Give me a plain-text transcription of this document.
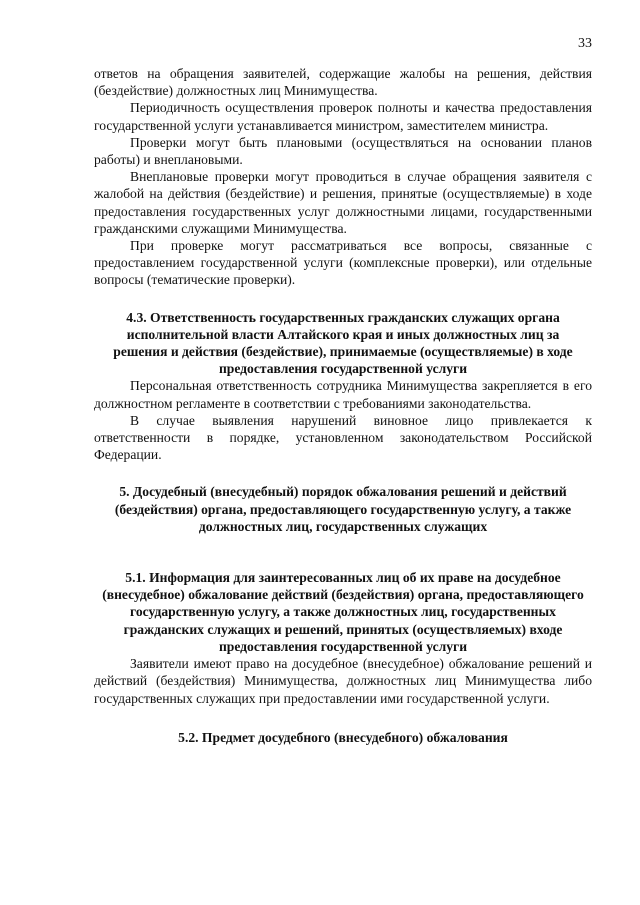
33

ответов на обращения заявителей, содержащие жалобы на решения, действия (бездействие) должностных лиц Минимущества.

Периодичность осуществления проверок полноты и качества предоставления государственной услуги устанавливается министром, заместителем министра.

Проверки могут быть плановыми (осуществляться на основании планов работы) и внеплановыми.

Внеплановые проверки могут проводиться в случае обращения заявителя с жалобой на действия (бездействие) и решения, принятые (осуществляемые) в ходе предоставления государственных услуг должностными лицами, государственными гражданскими служащими Минимущества.

При проверке могут рассматриваться все вопросы, связанные с предоставлением государственной услуги (комплексные проверки), или отдельные вопросы (тематические проверки).

4.3. Ответственность государственных гражданских служащих органа исполнительной власти Алтайского края и иных должностных лиц за решения и действия (бездействие), принимаемые (осуществляемые) в ходе предоставления государственной услуги

Персональная ответственность сотрудника Минимущества закрепляется в его должностном регламенте в соответствии с требованиями законодательства.

В случае выявления нарушений виновное лицо привлекается к ответственности в порядке, установленном законодательством Российской Федерации.

5. Досудебный (внесудебный) порядок обжалования решений и действий (бездействия) органа, предоставляющего государственную услугу, а также должностных лиц, государственных служащих

5.1. Информация для заинтересованных лиц об их праве на досудебное (внесудебное) обжалование действий (бездействия) органа, предоставляющего государственную услугу, а также должностных лиц, государственных гражданских служащих и решений, принятых (осуществляемых) входе предоставления государственной услуги

Заявители имеют право на досудебное (внесудебное) обжалование решений и действий (бездействия) Минимущества, должностных лиц Минимущества либо государственных служащих при предоставлении ими государственной услуги.

5.2. Предмет досудебного (внесудебного) обжалования
